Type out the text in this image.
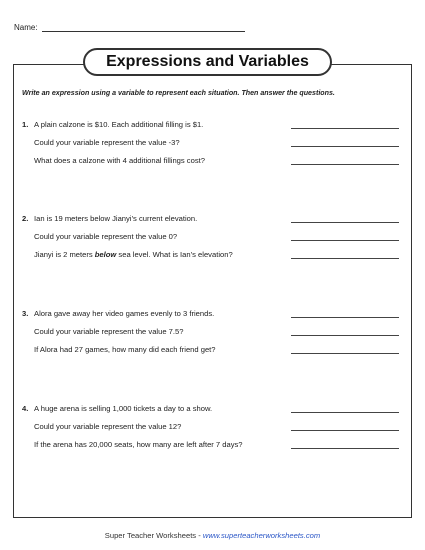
Name:
Expressions and Variables
Write an expression using a variable to represent each situation. Then answer the questions.
1. A plain calzone is $10. Each additional filling is $1.
Could your variable represent the value -3?
What does a calzone with 4 additional fillings cost?
2. Ian is 19 meters below Jianyi’s current elevation.
Could your variable represent the value 0?
Jianyi is 2 meters below sea level. What is Ian’s elevation?
3. Alora gave away her video games evenly to 3 friends.
Could your variable represent the value 7.5?
If Alora had 27 games, how many did each friend get?
4. A huge arena is selling 1,000 tickets a day to a show.
Could your variable represent the value 12?
If the arena has 20,000 seats, how many are left after 7 days?
Super Teacher Worksheets - www.superteacherworksheets.com
